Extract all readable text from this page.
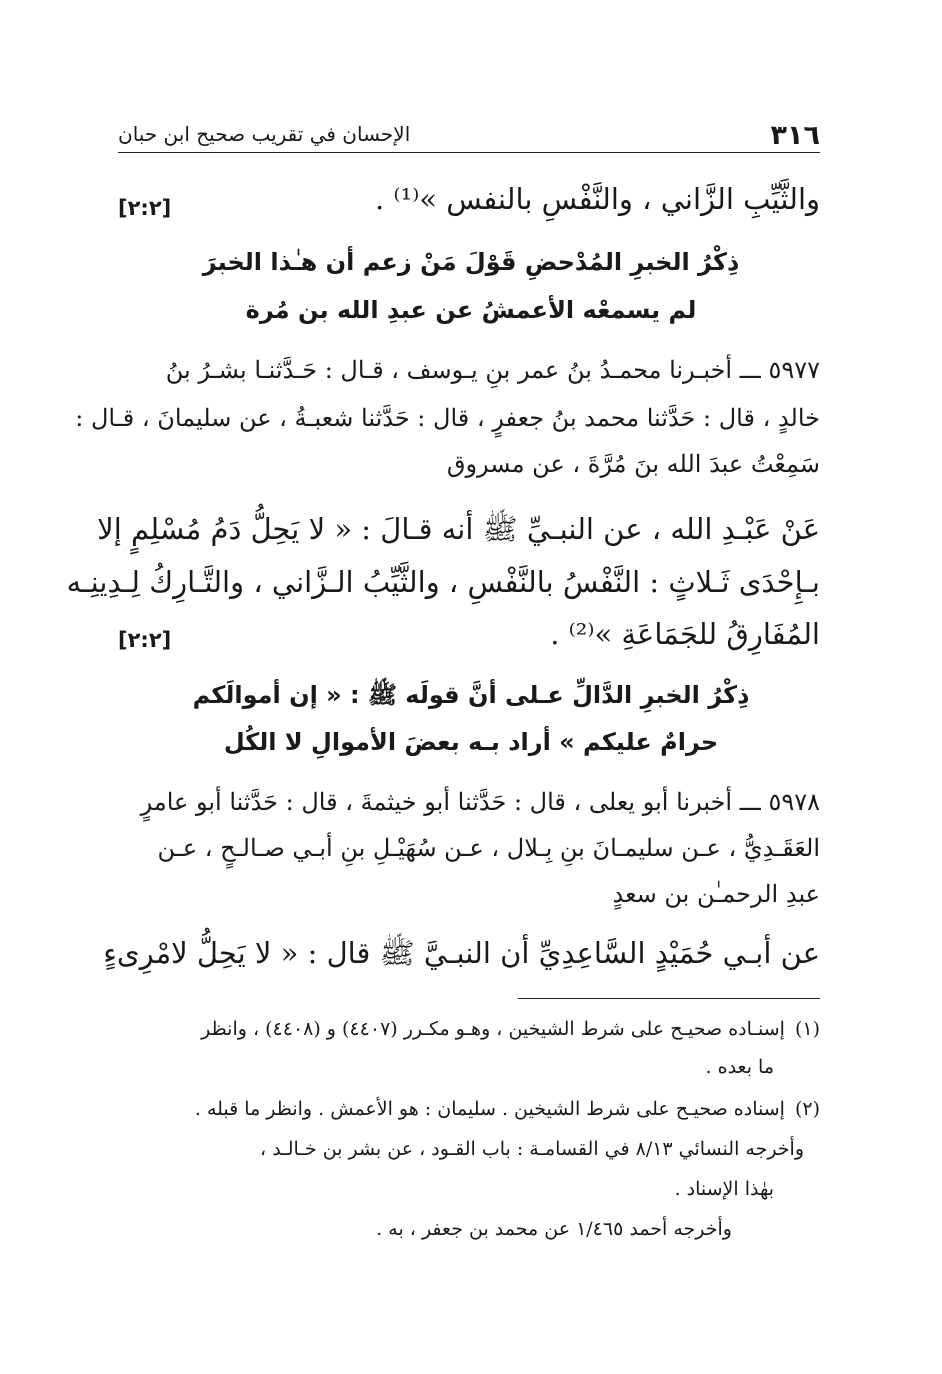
٣١٦
الإحسان في تقريب صحيح ابن حبان
والثَّيِّبِ الزَّاني ، والنَّفْسِ بالنفس »⁽¹⁾ .
[٢:٢]
ذِكْرُ الخبرِ المُدْحضِ قَوْلَ مَنْ زعم أن هـٰذا الخبرَ
لم يسمعْه الأعمشُ عن عبدِ الله بن مُرة
٥٩٧٧ ـــ أخبـرنا محمـدُ بنُ عمر بنِ يـوسف ، قـال : حَـدَّثنـا بشـرُ بنُ
خالدٍ ، قال : حَدَّثنا محمد بنُ جعفرٍ ، قال : حَدَّثنا شعبـةُ ، عن سليمانَ ، قـال :
سَمِعْتُ عبدَ الله بنَ مُرَّةَ ، عن مسروق
عَنْ عَبْـدِ الله ، عن النبـيِّ ﷺ أنه قـالَ : « لا يَحِلُّ دَمُ مُسْلِمٍ إلا
بـإِحْدَى ثَـلاثٍ : النَّفْسُ بالنَّفْسِ ، والثَّيِّبُ الـزَّاني ، والتَّـارِكُ لِـدِينِـه
المُفَارِقُ للجَمَاعَةِ »⁽²⁾ .
[٢:٢]
ذِكْرُ الخبرِ الدَّالِّ عـلى أنَّ قولَه ﷺ : « إن أموالَكم
حرامٌ عليكم » أراد بـه بعضَ الأموالِ لا الكُل
٥٩٧٨ ـــ أخبرنا أبو يعلى ، قال : حَدَّثنا أبو خيثمةَ ، قال : حَدَّثنا أبو عامرٍ
العَقَـدِيُّ ، عـن سليمـانَ بنِ بِـلال ، عـن سُهَيْـلِ بنِ أبـي صـالـحٍ ، عـن
عبدِ الرحمـٰن بن سعدٍ
عن أبـي حُمَيْدٍ السَّاعِدِيِّ أن النبـيَّ ﷺ قال : « لا يَحِلُّ لامْرِىءٍ
(١)إسنـاده صحيـح على شرط الشيخين ، وهـو مكـرر (٤٤٠٧) و (٤٤٠٨) ، وانظر
ما بعده .
(٢)إسناده صحيـح على شرط الشيخين . سليمان : هو الأعمش . وانظر ما قبله .
وأخرجه النسائي ٨/١٣ في القسامـة : باب القـود ، عن بشر بن خـالـد ،
بهٰذا الإسناد .
وأخرجه أحمد ١/٤٦٥ عن محمد بن جعفر ، به .
